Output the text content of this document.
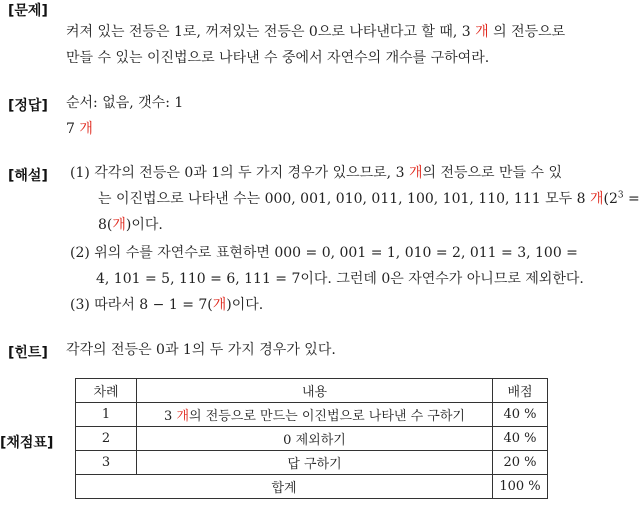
[문제]
켜져 있는 전등은 1로, 꺼져있는 전등은 0으로 나타낸다고 할 때, 3 개 의 전등으로
만들 수 있는 이진법으로 나타낸 수 중에서 자연수의 개수를 구하여라.
[정답] 순서: 없음, 갯수: 1
7 개
[해설] (1) 각각의 전등은 0과 1의 두 가지 경우가 있으므로, 3 개의 전등으로 만들 수 있
는 이진법으로 나타낸 수는 000, 001, 010, 011, 100, 101, 110, 111 모두 8 개($2^3$ =
8(개)이다.
(2) 위의 수를 자연수로 표현하면 000 = 0, 001 = 1, 010 = 2, 011 = 3, 100 =
4, 101 = 5, 110 = 6, 111 = 7이다. 그런데 0은 자연수가 아니므로 제외한다.
(3) 따라서 8 − 1 = 7(개)이다.
[힌트] 각각의 전등은 0과 1의 두 가지 경우가 있다.
[채점표]
차례	내용	배점
1	3 개의 전등으로 만드는 이진법으로 나타낸 수 구하기	40 %
2	0 제외하기	40 %
3	답 구하기	20 %
합계		100 %
